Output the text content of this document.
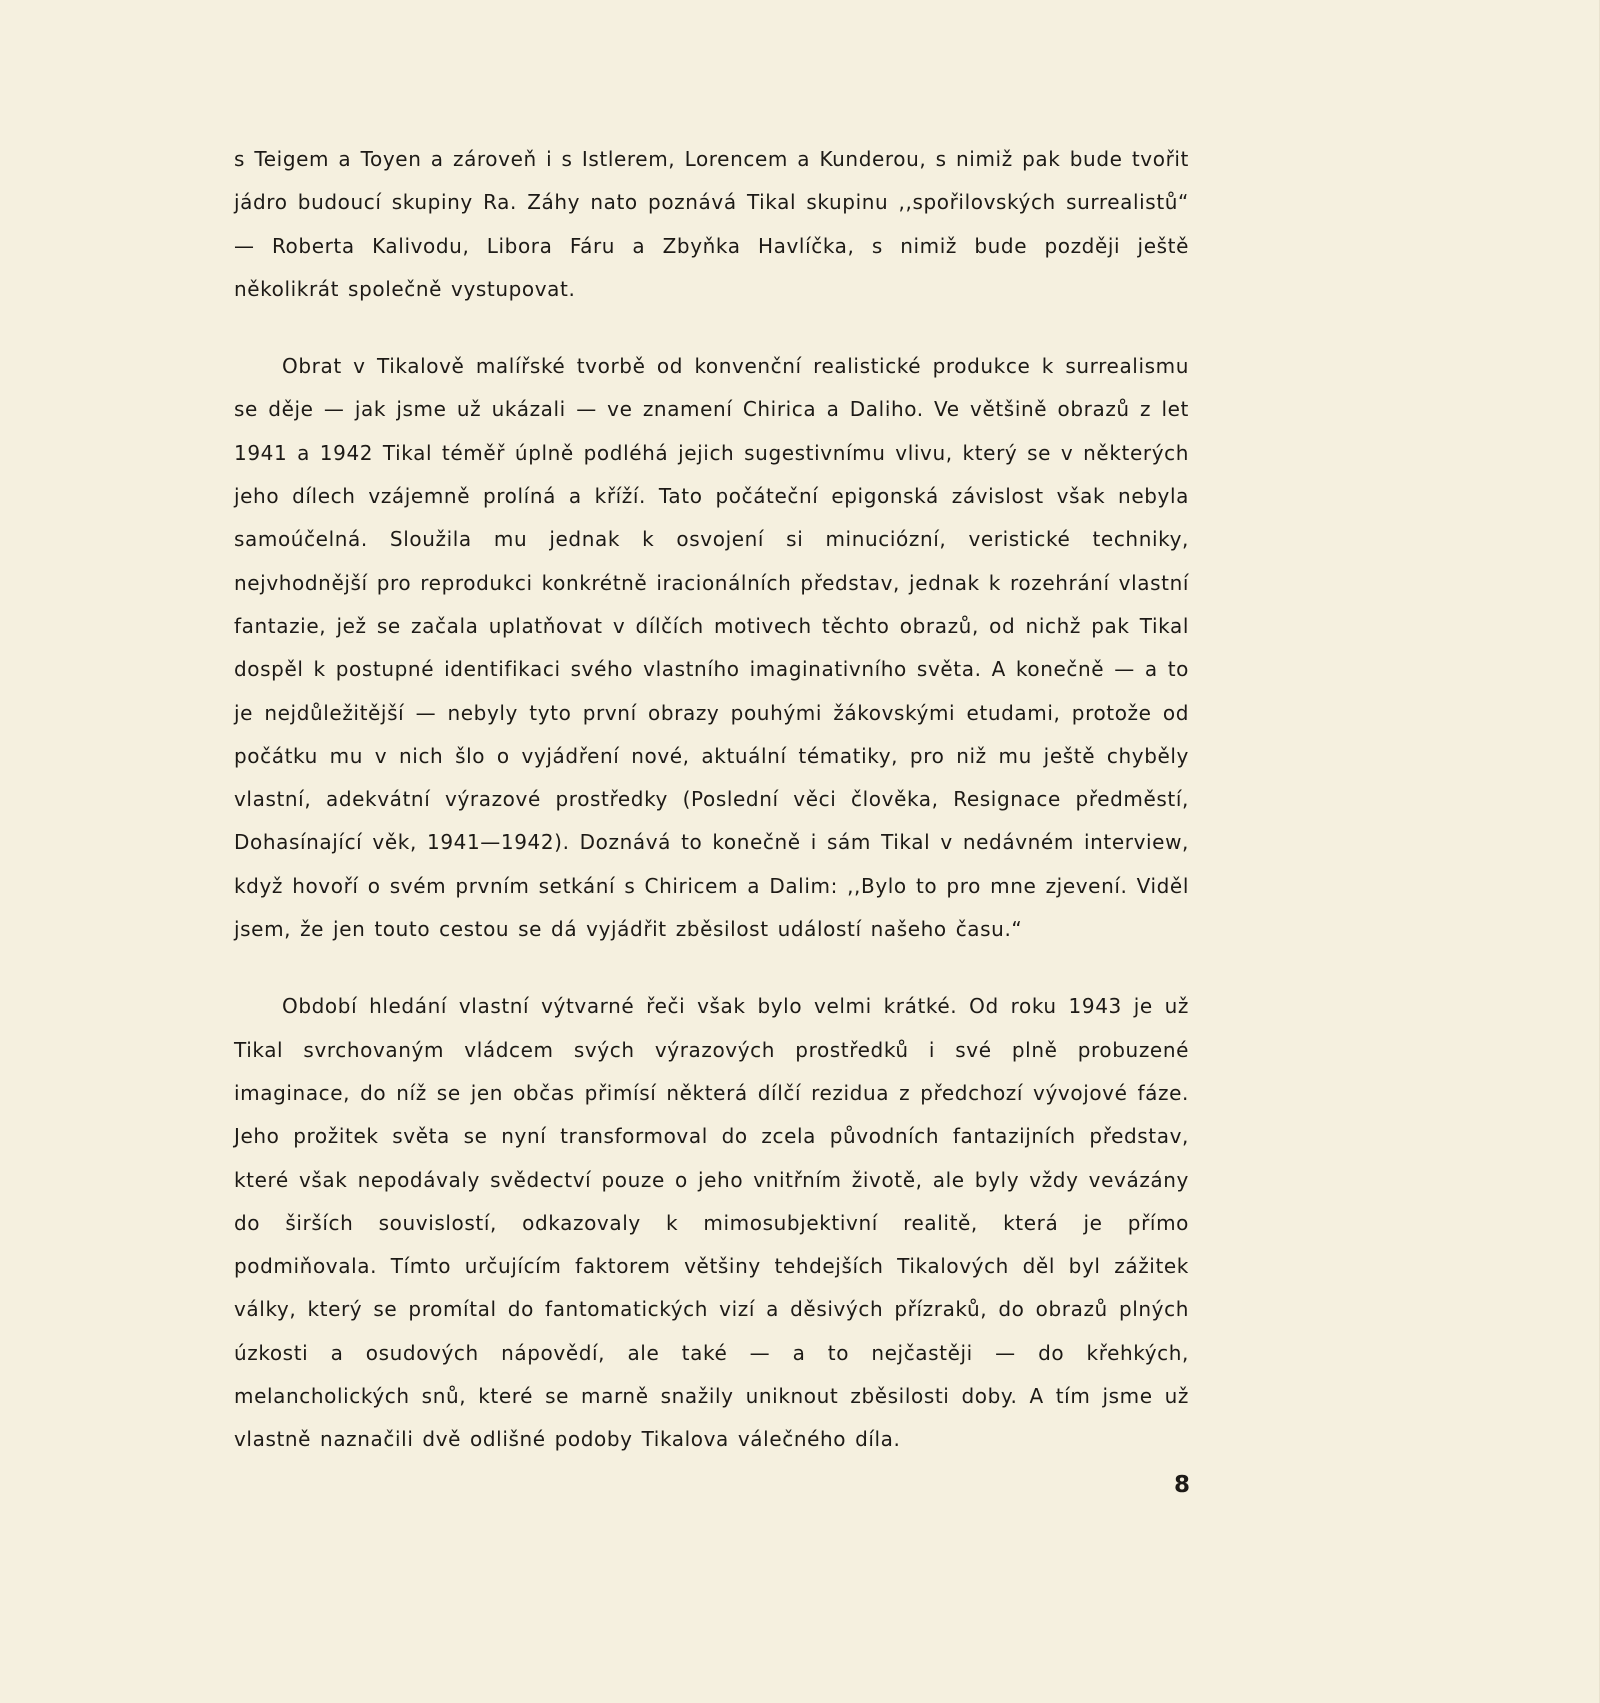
s Teigem a Toyen a zároveň i s Istlerem, Lorencem a Kunderou, s nimiž pak bude tvořit jádro budoucí skupiny Ra. Záhy nato poznává Tikal skupinu ,,spořilovských surrealistů“ — Roberta Kalivodu, Libora Fáru a Zbyňka Havlíčka, s nimiž bude později ještě několikrát společně vystupovat.

Obrat v Tikalově malířské tvorbě od konvenční realistické produkce k surrealismu se děje — jak jsme už ukázali — ve znamení Chirica a Daliho. Ve většině obrazů z let 1941 a 1942 Tikal téměř úplně podléhá jejich sugestivnímu vlivu, který se v některých jeho dílech vzájemně prolíná a kříží. Tato počáteční epigonská závislost však nebyla samoúčelná. Sloužila mu jednak k osvojení si minuciózní, veristické techniky, nejvhodnější pro reprodukci konkrétně iracionálních představ, jednak k rozehrání vlastní fantazie, jež se začala uplatňovat v dílčích motivech těchto obrazů, od nichž pak Tikal dospěl k postupné identifikaci svého vlastního imaginativního světa. A konečně — a to je nejdůležitější — nebyly tyto první obrazy pouhými žákovskými etudami, protože od počátku mu v nich šlo o vyjádření nové, aktuální tématiky, pro niž mu ještě chyběly vlastní, adekvátní výrazové prostředky (Poslední věci člověka, Resignace předměstí, Dohasínající věk, 1941—1942). Doznává to konečně i sám Tikal v nedávném interview, když hovoří o svém prvním setkání s Chiricem a Dalim: ,,Bylo to pro mne zjevení. Viděl jsem, že jen touto cestou se dá vyjádřit zběsilost událostí našeho času.“

Období hledání vlastní výtvarné řeči však bylo velmi krátké. Od roku 1943 je už Tikal svrchovaným vládcem svých výrazových prostředků i své plně probuzené imaginace, do níž se jen občas přimísí některá dílčí rezidua z předchozí vývojové fáze. Jeho prožitek světa se nyní transformoval do zcela původních fantazijních představ, které však nepodávaly svědectví pouze o jeho vnitřním životě, ale byly vždy vevázány do širších souvislostí, odkazovaly k mimosubjektivní realitě, která je přímo podmiňovala. Tímto určujícím faktorem většiny tehdejších Tikalových děl byl zážitek války, který se promítal do fantomatických vizí a děsivých přízraků, do obrazů plných úzkosti a osudových nápovědí, ale také — a to nejčastěji — do křehkých, melancholických snů, které se marně snažily uniknout zběsilosti doby. A tím jsme už vlastně naznačili dvě odlišné podoby Tikalova válečného díla.

8
